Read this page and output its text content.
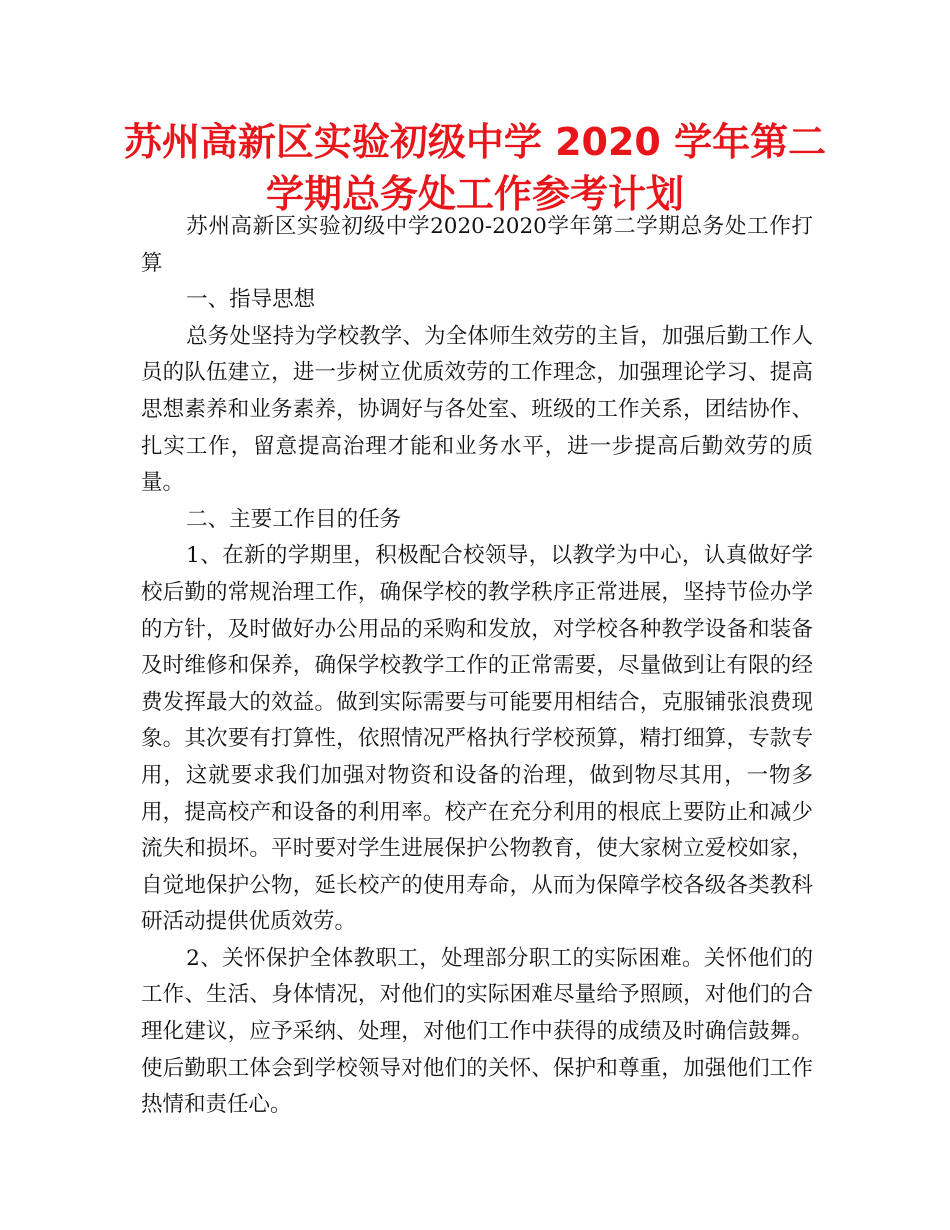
苏州高新区实验初级中学 2020 学年第二学期总务处工作参考计划

苏州高新区实验初级中学2020-2020学年第二学期总务处工作打算

一、指导思想

总务处坚持为学校教学、为全体师生效劳的主旨，加强后勤工作人员的队伍建立，进一步树立优质效劳的工作理念，加强理论学习、提高思想素养和业务素养，协调好与各处室、班级的工作关系，团结协作、扎实工作，留意提高治理才能和业务水平，进一步提高后勤效劳的质量。

二、主要工作目的任务

1、在新的学期里，积极配合校领导，以教学为中心，认真做好学校后勤的常规治理工作，确保学校的教学秩序正常进展，坚持节俭办学的方针，及时做好办公用品的采购和发放，对学校各种教学设备和装备及时维修和保养，确保学校教学工作的正常需要，尽量做到让有限的经费发挥最大的效益。做到实际需要与可能要用相结合，克服铺张浪费现象。其次要有打算性，依照情况严格执行学校预算，精打细算，专款专用，这就要求我们加强对物资和设备的治理，做到物尽其用，一物多用，提高校产和设备的利用率。校产在充分利用的根底上要防止和减少流失和损坏。平时要对学生进展保护公物教育，使大家树立爱校如家，自觉地保护公物，延长校产的使用寿命，从而为保障学校各级各类教科研活动提供优质效劳。

2、关怀保护全体教职工，处理部分职工的实际困难。关怀他们的工作、生活、身体情况，对他们的实际困难尽量给予照顾，对他们的合理化建议，应予采纳、处理，对他们工作中获得的成绩及时确信鼓舞。使后勤职工体会到学校领导对他们的关怀、保护和尊重，加强他们工作热情和责任心。
